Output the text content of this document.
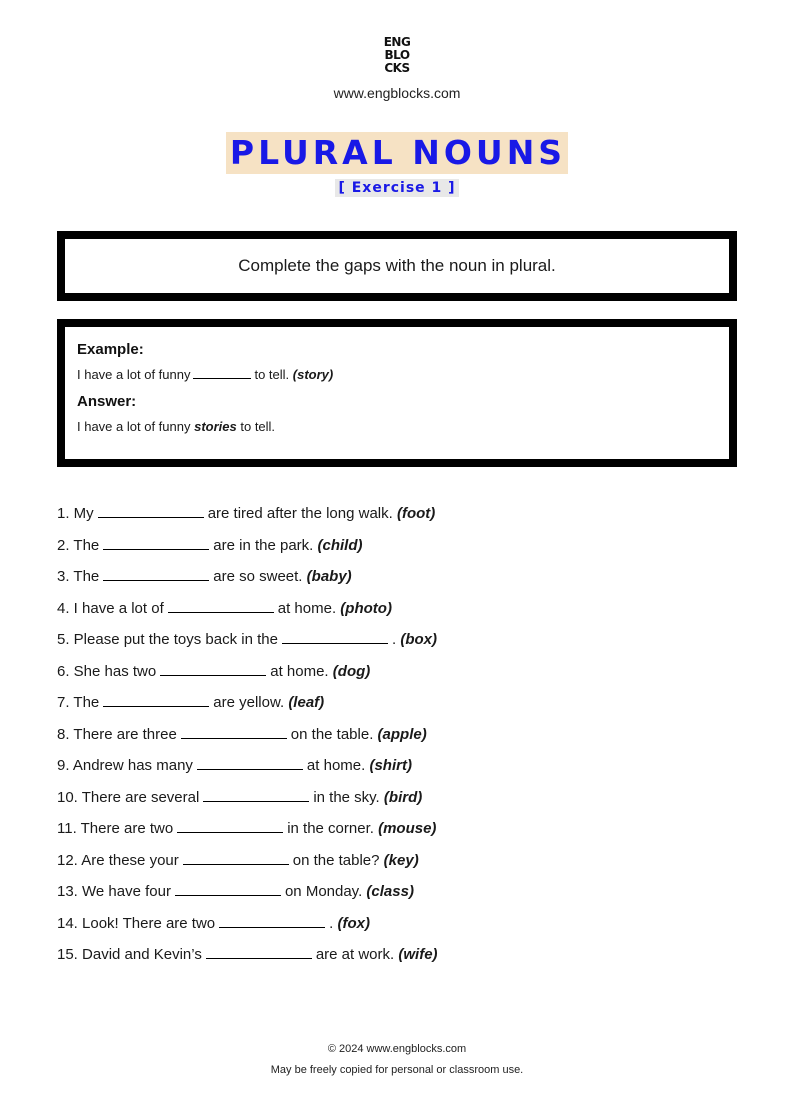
ENG
BLO
CKS
www.engblocks.com
PLURAL NOUNS
[ Exercise 1 ]
Complete the gaps with the noun in plural.
Example:
I have a lot of funny	to tell. (story)
Answer:
I have a lot of funny stories to tell.
1. My	are tired after the long walk. (foot)
2. The	are in the park. (child)
3. The	are so sweet. (baby)
4. I have a lot of	at home. (photo)
5. Please put the toys back in the	. (box)
6. She has two	at home. (dog)
7. The	are yellow. (leaf)
8. There are three	on the table. (apple)
9. Andrew has many	at home. (shirt)
10. There are several	in the sky. (bird)
11. There are two	in the corner. (mouse)
12. Are these your	on the table? (key)
13. We have four	on Monday. (class)
14. Look! There are two	. (fox)
15. David and Kevin’s	are at work. (wife)
© 2024 www.engblocks.com
May be freely copied for personal or classroom use.
